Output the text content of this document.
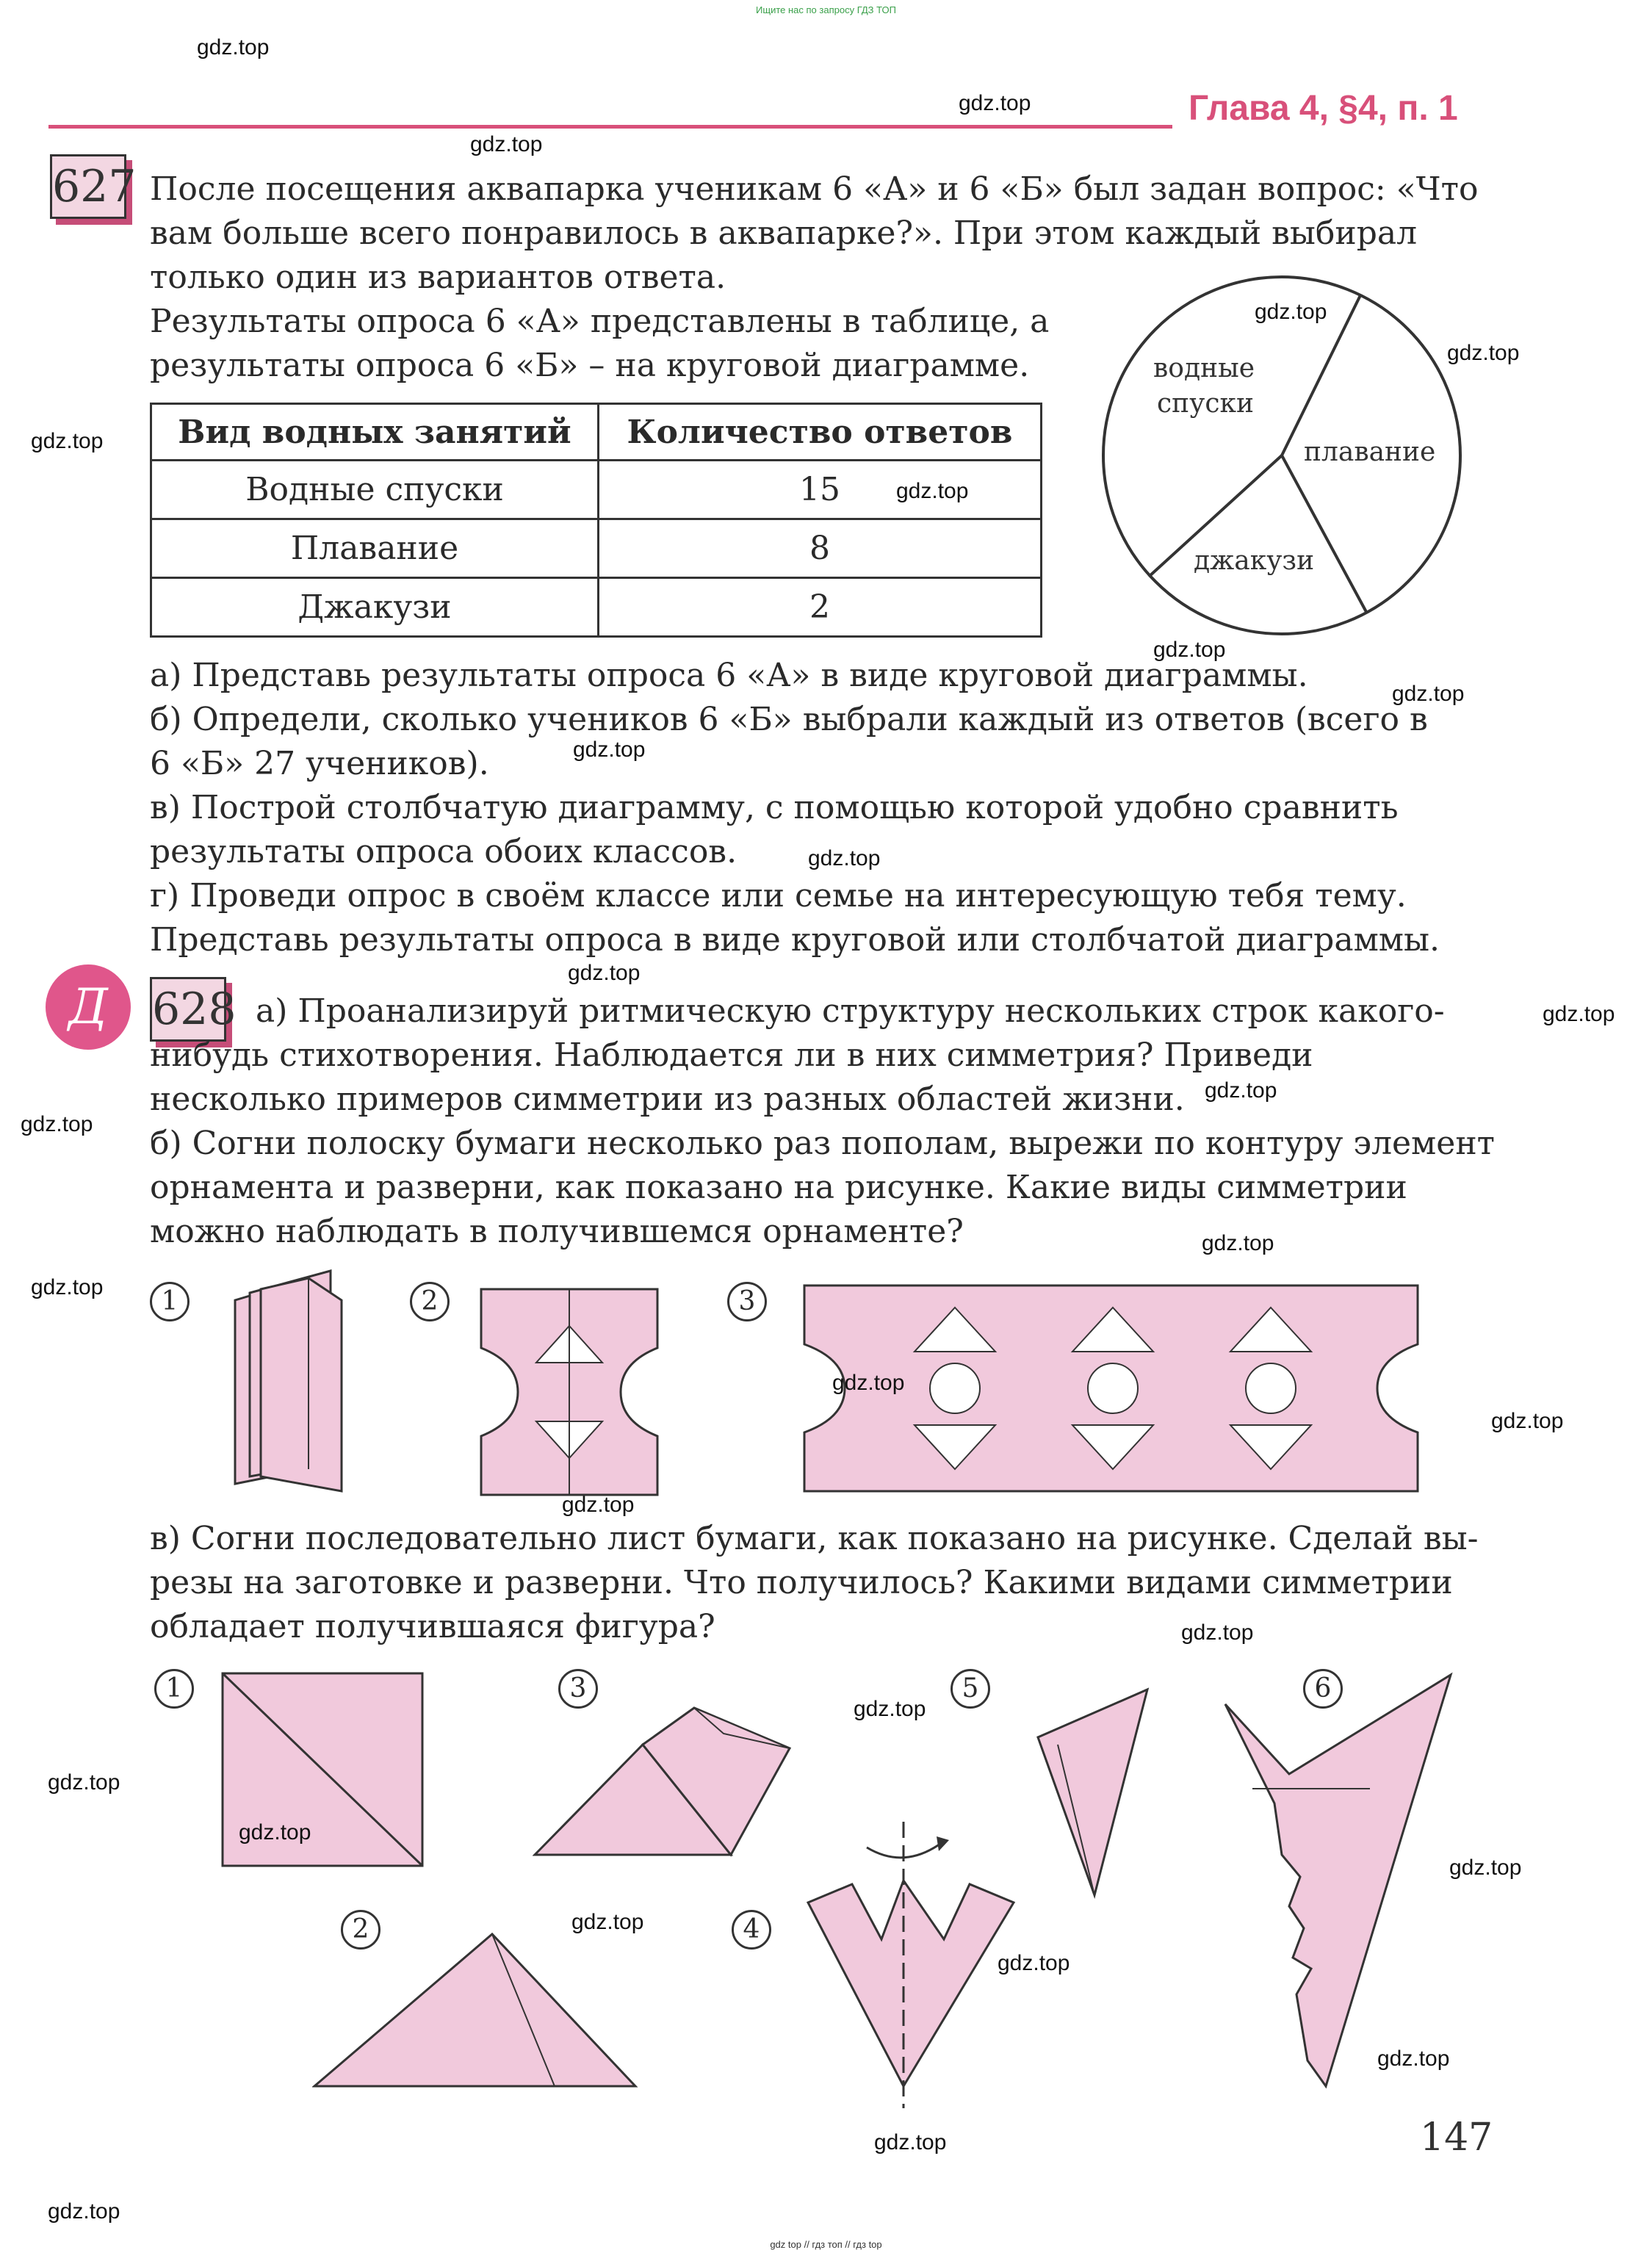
Ищите нас по запросу ГДЗ ТОП
gdz top // гдз топ // гдз top
Глава 4, §4, п. 1
627 После посещения аквапарка ученикам 6 «А» и 6 «Б» был задан вопрос: «Что
вам больше всего понравилось в аквапарке?». При этом каждый выбирал
только один из вариантов ответа.
Результаты опроса 6 «А» представлены в таблице, а
результаты опроса 6 «Б» – на круговой диаграмме.
Вид водных занятий	Количество ответов
Водные спуски	15
Плавание	8
Джакузи	2
водные
спуски
плавание
джакузи
а) Представь результаты опроса 6 «А» в виде круговой диаграммы.
б) Определи, сколько учеников 6 «Б» выбрали каждый из ответов (всего в
6 «Б» 27 учеников).
в) Построй столбчатую диаграмму, с помощью которой удобно сравнить
результаты опроса обоих классов.
г) Проведи опрос в своём классе или семье на интересующую тебя тему.
Представь результаты опроса в виде круговой или столбчатой диаграммы.
Д	628 а) Проанализируй ритмическую структуру нескольких строк какого-
нибудь стихотворения. Наблюдается ли в них симметрия? Приведи
несколько примеров симметрии из разных областей жизни.
б) Согни полоску бумаги несколько раз пополам, вырежи по контуру элемент
орнамента и разверни, как показано на рисунке. Какие виды симметрии
можно наблюдать в получившемся орнаменте?
1	2	3
в) Согни последовательно лист бумаги, как показано на рисунке. Сделай вы-
резы на заготовке и разверни. Что получилось? Какими видами симметрии
обладает получившаяся фигура?
1
2
3
4
5	6
147
gdz.top
gdz.top
gdz.top
gdz.top
gdz.top
gdz.top
gdz.top
gdz.top
gdz.top
gdz.top
gdz.top
gdz.top
gdz.top
gdz.top
gdz.top
gdz.top
gdz.top
gdz.top
gdz.top
gdz.top
gdz.top
gdz.top
gdz.top
gdz.top
gdz.top
gdz.top
gdz.top
gdz.top
gdz.top
gdz.top
